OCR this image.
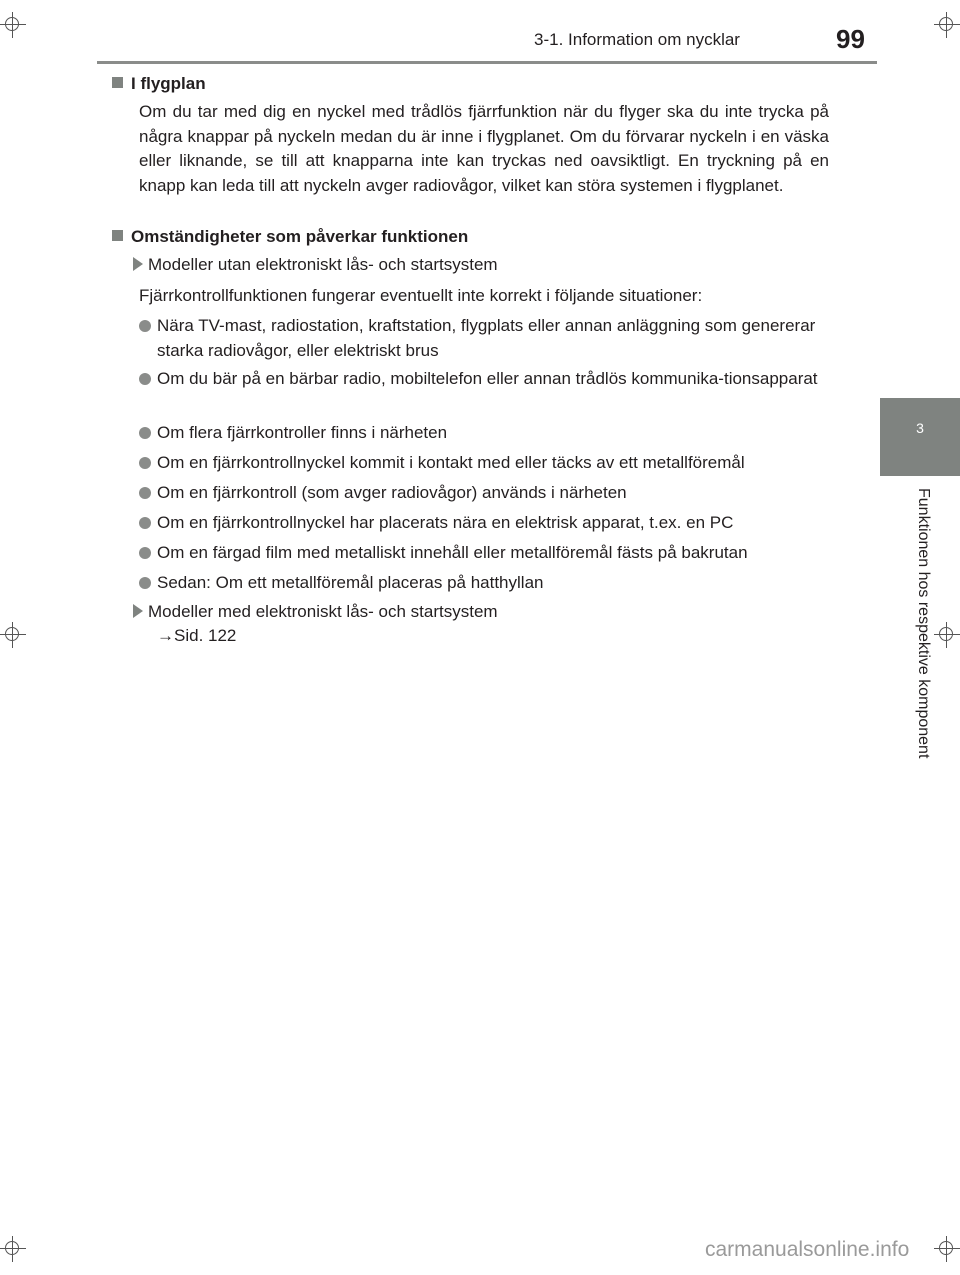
3-1. Information om nycklar	99
3
Funktionen hos respektive komponent
I flygplan
Om du tar med dig en nyckel med trådlös fjärrfunktion när du flyger ska du inte trycka på några knappar på nyckeln medan du är inne i flygplanet. Om du förvarar nyckeln i en väska eller liknande, se till att knapparna inte kan tryckas ned oavsiktligt. En tryckning på en knapp kan leda till att nyckeln avger radiovågor, vilket kan störa systemen i flygplanet.
Omständigheter som påverkar funktionen
Modeller utan elektroniskt lås- och startsystem
Fjärrkontrollfunktionen fungerar eventuellt inte korrekt i följande situationer:
Nära TV-mast, radiostation, kraftstation, flygplats eller annan anläggning som genererar starka radiovågor, eller elektriskt brus
Om du bär på en bärbar radio, mobiltelefon eller annan trådlös kommunika-tionsapparat
Om flera fjärrkontroller finns i närheten
Om en fjärrkontrollnyckel kommit i kontakt med eller täcks av ett metallföremål
Om en fjärrkontroll (som avger radiovågor) används i närheten
Om en fjärrkontrollnyckel har placerats nära en elektrisk apparat, t.ex. en PC
Om en färgad film med metalliskt innehåll eller metallföremål fästs på bakrutan
Sedan: Om ett metallföremål placeras på hatthyllan
Modeller med elektroniskt lås- och startsystem
→Sid. 122
carmanualsonline.info
